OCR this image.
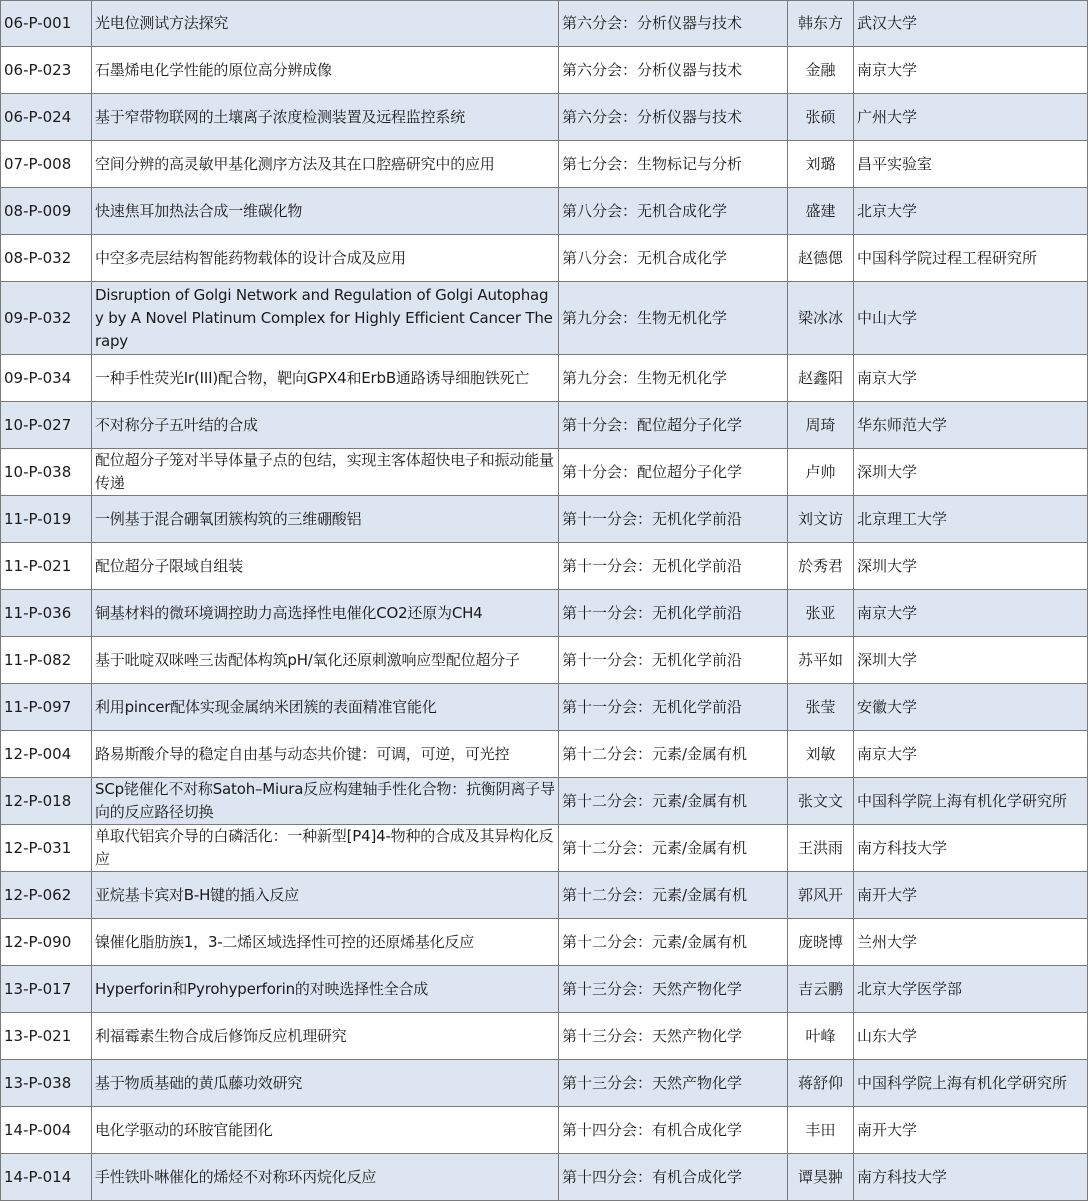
06-P-001	光电位测试方法探究	第六分会：分析仪器与技术	韩东方	武汉大学
06-P-023	石墨烯电化学性能的原位高分辨成像	第六分会：分析仪器与技术	金融	南京大学
06-P-024	基于窄带物联网的土壤离子浓度检测装置及远程监控系统	第六分会：分析仪器与技术	张硕	广州大学
07-P-008	空间分辨的高灵敏甲基化测序方法及其在口腔癌研究中的应用	第七分会：生物标记与分析	刘璐	昌平实验室
08-P-009	快速焦耳加热法合成一维碳化物	第八分会：无机合成化学	盛建	北京大学
08-P-032	中空多壳层结构智能药物载体的设计合成及应用	第八分会：无机合成化学	赵德偲	中国科学院过程工程研究所
09-P-032	Disruption of Golgi Network and Regulation of Golgi Autophagy by A Novel Platinum Complex for Highly Efficient Cancer Therapy	第九分会：生物无机化学	梁冰冰	中山大学
09-P-034	一种手性荧光Ir(III)配合物，靶向GPX4和ErbB通路诱导细胞铁死亡	第九分会：生物无机化学	赵鑫阳	南京大学
10-P-027	不对称分子五叶结的合成	第十分会：配位超分子化学	周琦	华东师范大学
10-P-038	配位超分子笼对半导体量子点的包结，实现主客体超快电子和振动能量传递	第十分会：配位超分子化学	卢帅	深圳大学
11-P-019	一例基于混合硼氧团簇构筑的三维硼酸铝	第十一分会：无机化学前沿	刘文访	北京理工大学
11-P-021	配位超分子限域自组装	第十一分会：无机化学前沿	於秀君	深圳大学
11-P-036	铜基材料的微环境调控助力高选择性电催化CO2还原为CH4	第十一分会：无机化学前沿	张亚	南京大学
11-P-082	基于吡啶双咪唑三齿配体构筑pH/氧化还原刺激响应型配位超分子	第十一分会：无机化学前沿	苏平如	深圳大学
11-P-097	利用pincer配体实现金属纳米团簇的表面精准官能化	第十一分会：无机化学前沿	张莹	安徽大学
12-P-004	路易斯酸介导的稳定自由基与动态共价键：可调，可逆，可光控	第十二分会：元素/金属有机	刘敏	南京大学
12-P-018	SCp铑催化不对称Satoh–Miura反应构建轴手性化合物：抗衡阴离子导向的反应路径切换	第十二分会：元素/金属有机	张文文	中国科学院上海有机化学研究所
12-P-031	单取代铝宾介导的白磷活化：一种新型[P4]4-物种的合成及其异构化反应	第十二分会：元素/金属有机	王洪雨	南方科技大学
12-P-062	亚烷基卡宾对B-H键的插入反应	第十二分会：元素/金属有机	郭风开	南开大学
12-P-090	镍催化脂肪族1，3-二烯区域选择性可控的还原烯基化反应	第十二分会：元素/金属有机	庞晓博	兰州大学
13-P-017	Hyperforin和Pyrohyperforin的对映选择性全合成	第十三分会：天然产物化学	吉云鹏	北京大学医学部
13-P-021	利福霉素生物合成后修饰反应机理研究	第十三分会：天然产物化学	叶峰	山东大学
13-P-038	基于物质基础的黄瓜藤功效研究	第十三分会：天然产物化学	蒋舒仰	中国科学院上海有机化学研究所
14-P-004	电化学驱动的环胺官能团化	第十四分会：有机合成化学	丰田	南开大学
14-P-014	手性铁卟啉催化的烯烃不对称环丙烷化反应	第十四分会：有机合成化学	谭昊翀	南方科技大学
